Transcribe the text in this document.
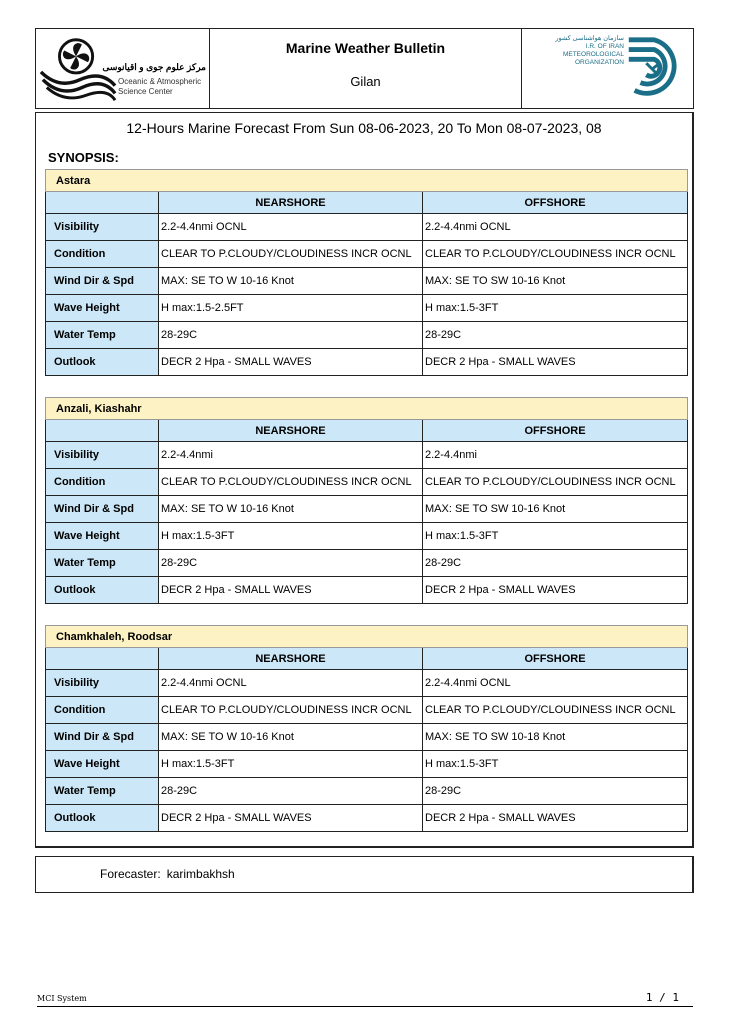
مرکز علوم جوی و اقیانوسی
Oceanic & Atmospheric
Science Center
Marine Weather Bulletin
Gilan
سازمان هواشناسی کشور
I.R. OF IRAN
METEOROLOGICAL
ORGANIZATION
12-Hours Marine Forecast From Sun 08-06-2023, 20 To Mon 08-07-2023, 08
SYNOPSIS:
Astara		
	NEARSHORE	OFFSHORE
Visibility	2.2-4.4nmi OCNL	2.2-4.4nmi OCNL
Condition	CLEAR TO P.CLOUDY/CLOUDINESS INCR OCNL	CLEAR TO P.CLOUDY/CLOUDINESS INCR OCNL
Wind Dir & Spd	MAX: SE TO W 10-16 Knot	MAX: SE TO SW 10-16 Knot
Wave Height	H max:1.5-2.5FT	H max:1.5-3FT
Water Temp	28-29C	28-29C
Outlook	DECR 2 Hpa - SMALL WAVES	DECR 2 Hpa - SMALL WAVES
Anzali, Kiashahr		
	NEARSHORE	OFFSHORE
Visibility	2.2-4.4nmi	2.2-4.4nmi
Condition	CLEAR TO P.CLOUDY/CLOUDINESS INCR OCNL	CLEAR TO P.CLOUDY/CLOUDINESS INCR OCNL
Wind Dir & Spd	MAX: SE TO W 10-16 Knot	MAX: SE TO SW 10-16 Knot
Wave Height	H max:1.5-3FT	H max:1.5-3FT
Water Temp	28-29C	28-29C
Outlook	DECR 2 Hpa - SMALL WAVES	DECR 2 Hpa - SMALL WAVES
Chamkhaleh, Roodsar		
	NEARSHORE	OFFSHORE
Visibility	2.2-4.4nmi OCNL	2.2-4.4nmi OCNL
Condition	CLEAR TO P.CLOUDY/CLOUDINESS INCR OCNL	CLEAR TO P.CLOUDY/CLOUDINESS INCR OCNL
Wind Dir & Spd	MAX: SE TO W 10-16 Knot	MAX: SE TO SW 10-18 Knot
Wave Height	H max:1.5-3FT	H max:1.5-3FT
Water Temp	28-29C	28-29C
Outlook	DECR 2 Hpa - SMALL WAVES	DECR 2 Hpa - SMALL WAVES
Forecaster: karimbakhsh
MCI System	1 / 1
